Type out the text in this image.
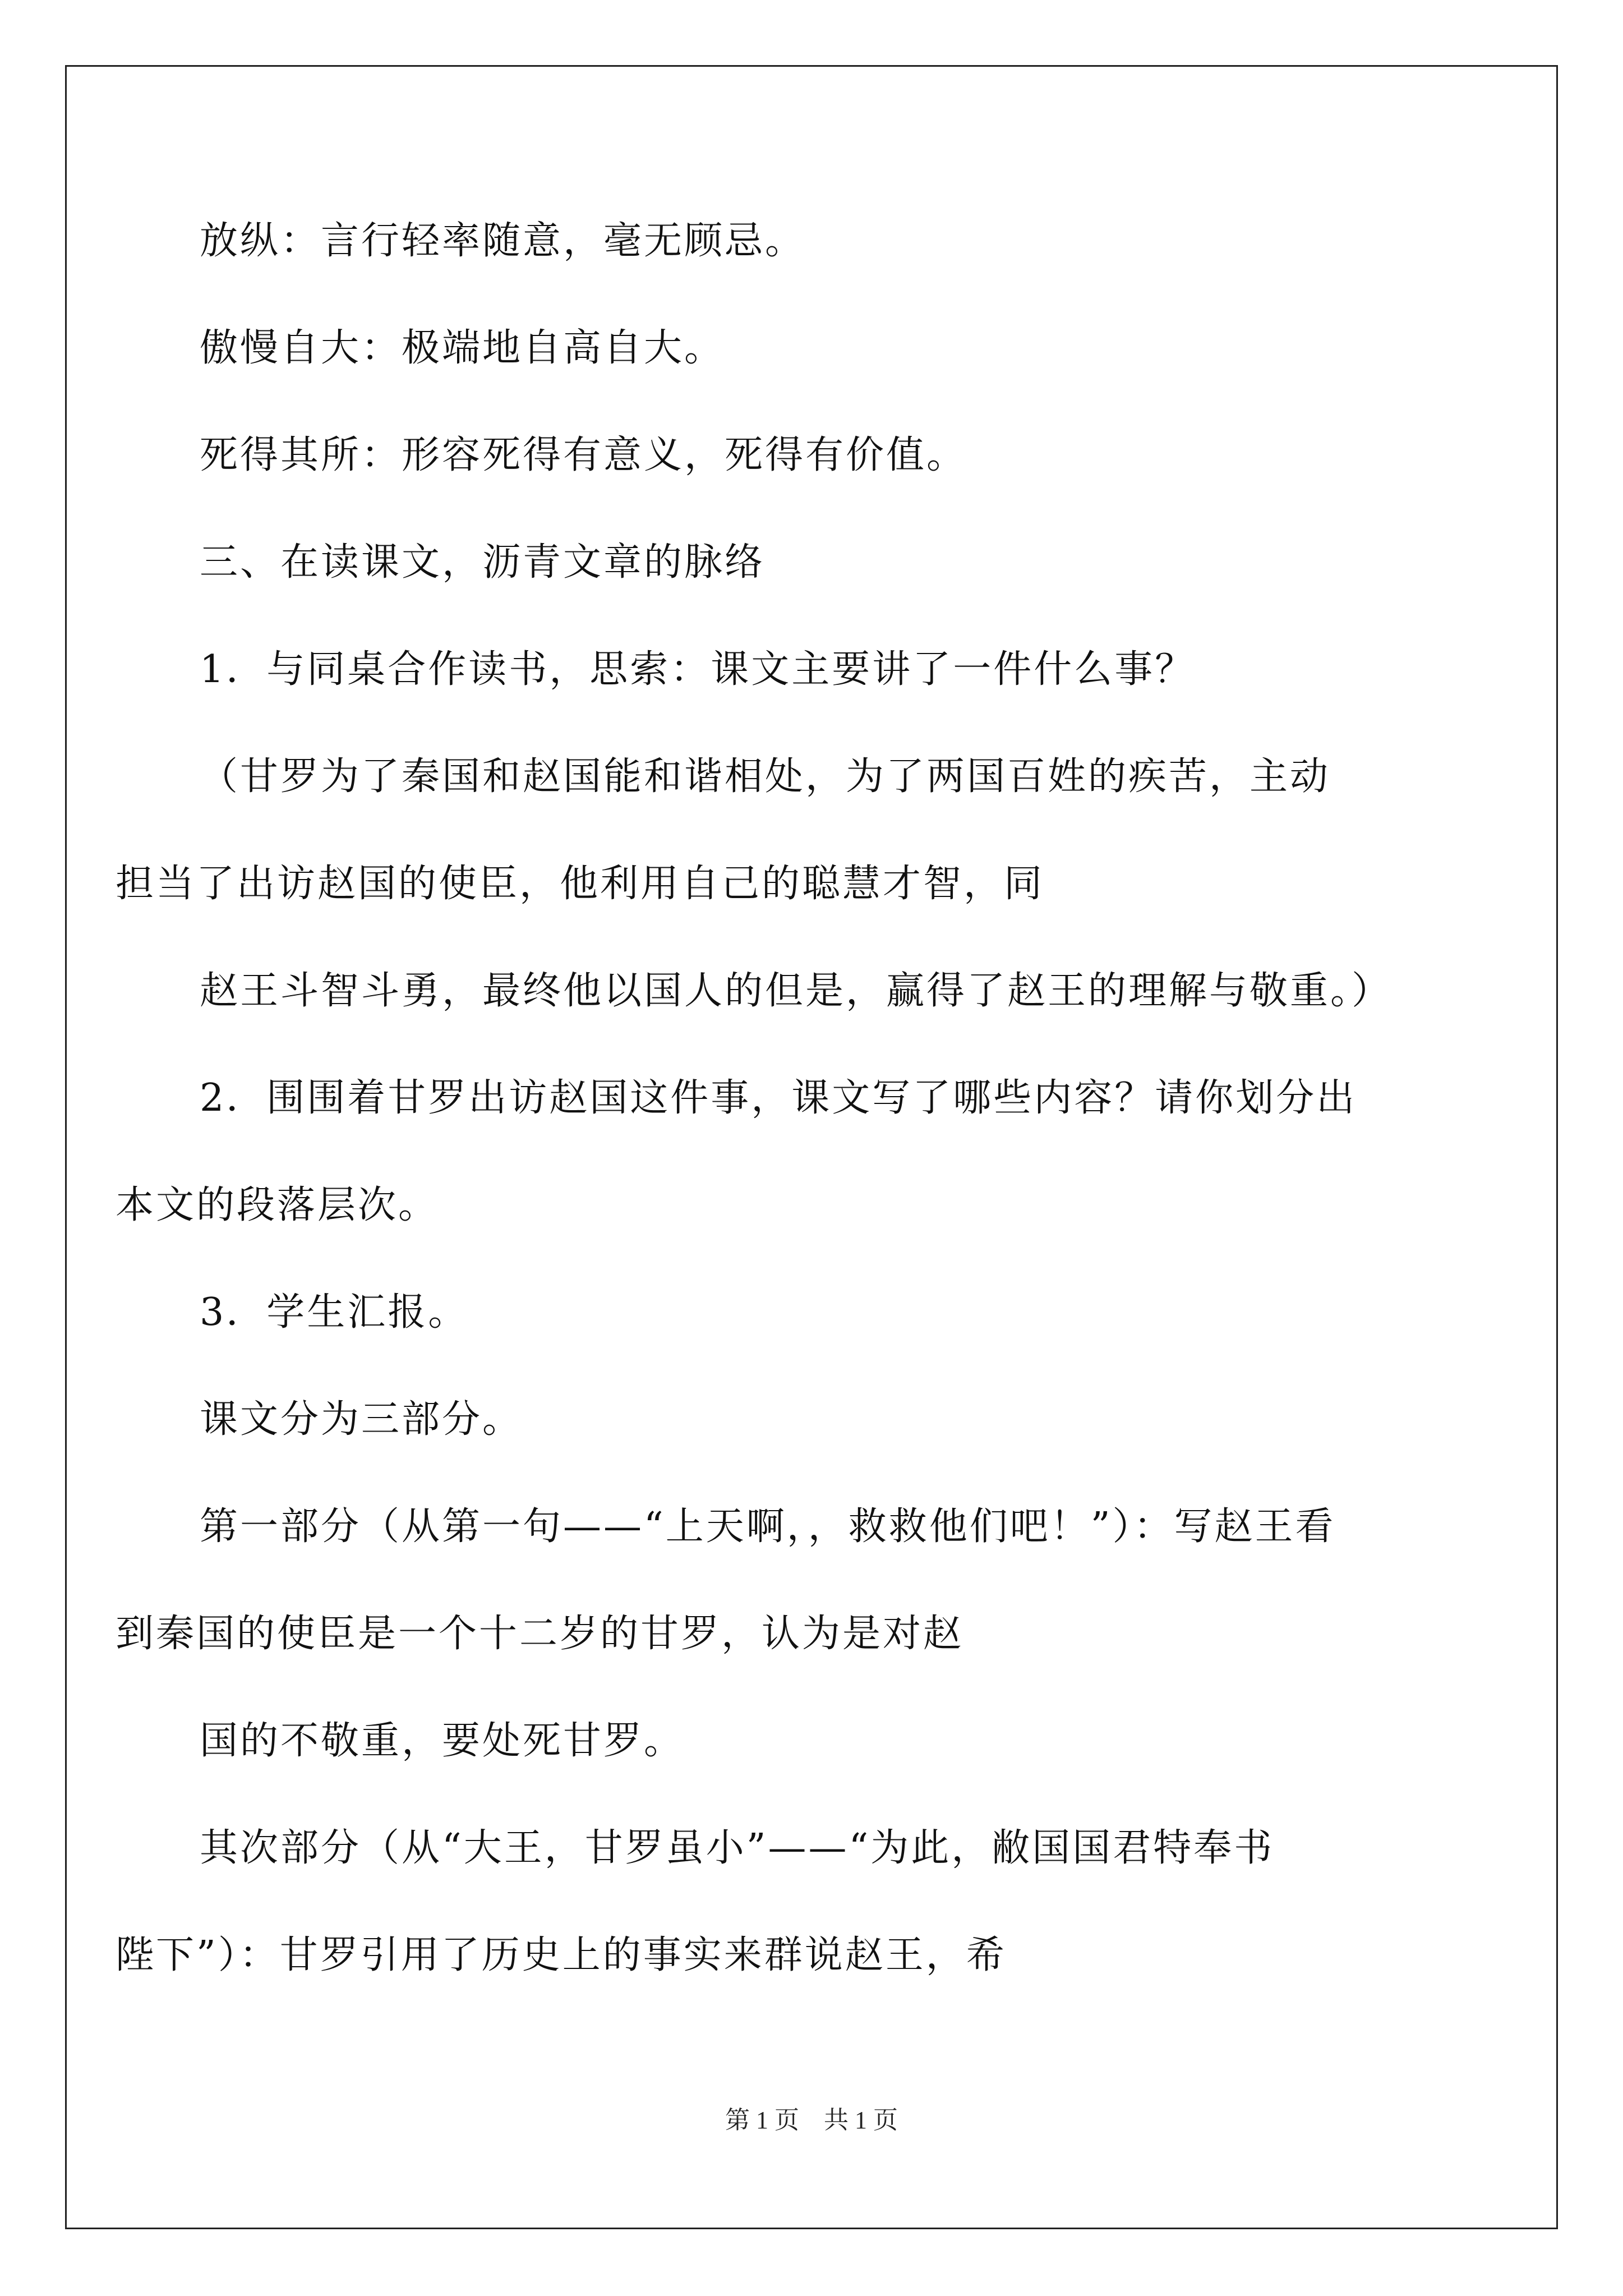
放纵：言行轻率随意，毫无顾忌。
傲慢自大：极端地自高自大。
死得其所：形容死得有意义，死得有价值。
三、在读课文，沥青文章的脉络
1．与同桌合作读书，思索：课文主要讲了一件什么事？
（甘罗为了秦国和赵国能和谐相处，为了两国百姓的疾苦，主动
担当了出访赵国的使臣，他利用自己的聪慧才智，同
赵王斗智斗勇，最终他以国人的但是，赢得了赵王的理解与敬重。）
2．围围着甘罗出访赵国这件事，课文写了哪些内容？请你划分出
本文的段落层次。
3．学生汇报。
课文分为三部分。
第一部分（从第一句——“上天啊，，救救他们吧！”）：写赵王看
到秦国的使臣是一个十二岁的甘罗，认为是对赵
国的不敬重，要处死甘罗。
其次部分（从“大王，甘罗虽小”——“为此，敝国国君特奉书
陛下”）：甘罗引用了历史上的事实来群说赵王，希
第 1 页　共 1 页
